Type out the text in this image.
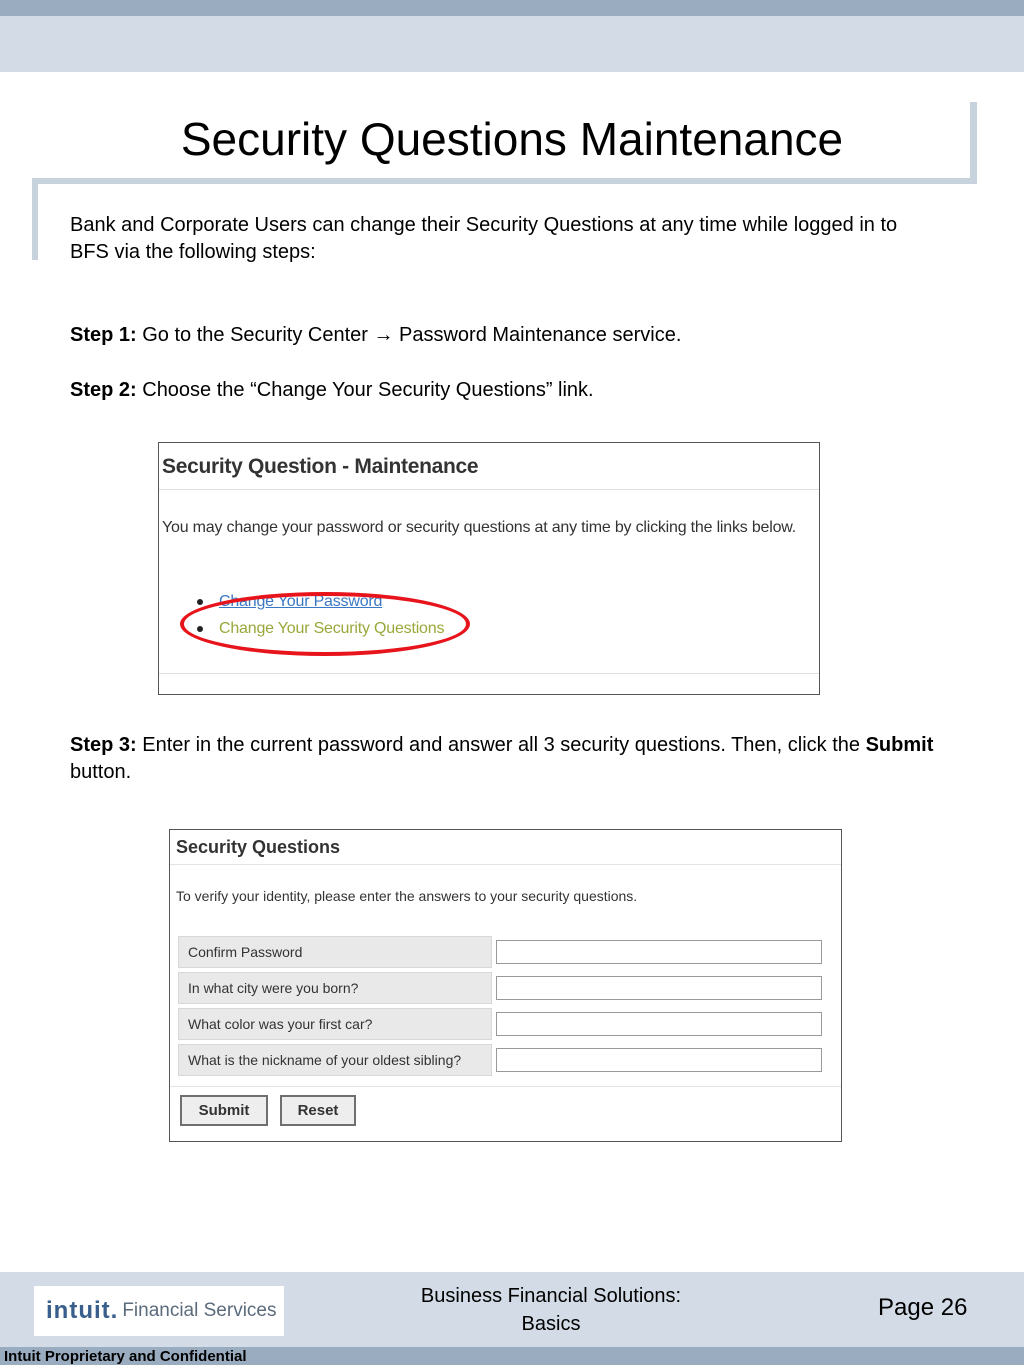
Security Questions Maintenance

Bank and Corporate Users can change their Security Questions at any time while logged in to BFS via the following steps:

Step 1: Go to the Security Center → Password Maintenance service.

Step 2: Choose the “Change Your Security Questions” link.

Security Question - Maintenance
You may change your password or security questions at any time by clicking the links below.
Change Your Password
Change Your Security Questions

Step 3: Enter in the current password and answer all 3 security questions. Then, click the Submit button.

Security Questions
To verify your identity, please enter the answers to your security questions.
Confirm Password
In what city were you born?
What color was your first car?
What is the nickname of your oldest sibling?
Submit	Reset
intuit . Financial Services
Business Financial Solutions:
Basics
Page 26
Intuit Proprietary and Confidential
